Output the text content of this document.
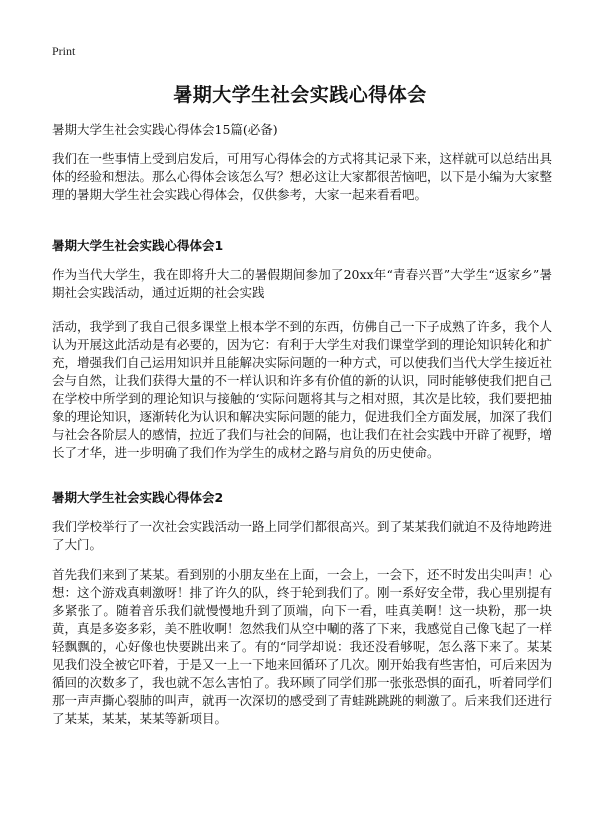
Print
暑期大学生社会实践心得体会
暑期大学生社会实践心得体会15篇(必备)
我们在一些事情上受到启发后，可用写心得体会的方式将其记录下来，这样就可以总结出具体的经验和想法。那么心得体会该怎么写？想必这让大家都很苦恼吧，以下是小编为大家整理的暑期大学生社会实践心得体会，仅供参考，大家一起来看看吧。
暑期大学生社会实践心得体会1
作为当代大学生，我在即将升大二的暑假期间参加了20xx年“青春兴晋”大学生“返家乡”暑期社会实践活动，通过近期的社会实践
活动，我学到了我自己很多课堂上根本学不到的东西，仿佛自己一下子成熟了许多，我个人认为开展这此活动是有必要的，因为它：有利于大学生对我们课堂学到的理论知识转化和扩充，增强我们自己运用知识并且能解决实际问题的一种方式，可以使我们当代大学生接近社会与自然，让我们获得大量的不一样认识和许多有价值的新的认识，同时能够使我们把自己在学校中所学到的理论知识与接触的‘实际问题将其与之相对照，其次是比较，我们要把抽象的理论知识，逐渐转化为认识和解决实际问题的能力，促进我们全方面发展，加深了我们与社会各阶层人的感情，拉近了我们与社会的间隔，也让我们在社会实践中开辟了视野，增长了才华，进一步明确了我们作为学生的成材之路与肩负的历史使命。
暑期大学生社会实践心得体会2
我们学校举行了一次社会实践活动一路上同学们都很高兴。到了某某我们就迫不及待地跨进了大门。
首先我们来到了某某。看到别的小朋友坐在上面，一会上，一会下，还不时发出尖叫声！心想：这个游戏真刺激呀！排了许久的队，终于轮到我们了。刚一系好安全带，我心里别提有多紧张了。随着音乐我们就慢慢地升到了顶端，向下一看，哇真美啊！这一块粉，那一块黄，真是多姿多彩，美不胜收啊！忽然我们从空中唰的落了下来，我感觉自己像飞起了一样轻飘飘的，心好像也快要跳出来了。有的“同学却说：我还没看够呢，怎么落下来了。某某见我们没全被它吓着，于是又一上一下地来回循环了几次。刚开始我有些害怕，可后来因为循回的次数多了，我也就不怎么害怕了。我环顾了同学们那一张张恐惧的面孔，听着同学们那一声声撕心裂肺的叫声，就再一次深切的感受到了青蛙跳跳跳的刺激了。后来我们还进行了某某，某某，某某等新项目。
